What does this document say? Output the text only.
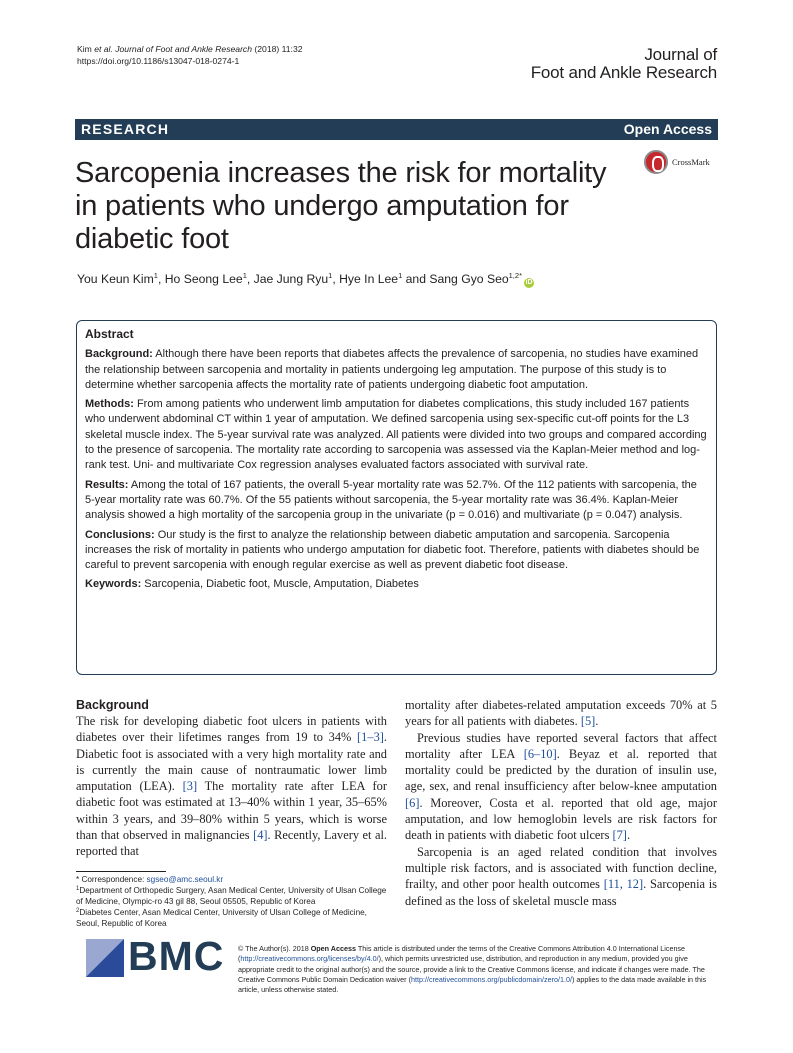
Kim et al. Journal of Foot and Ankle Research (2018) 11:32
https://doi.org/10.1186/s13047-018-0274-1	Journal of
Foot and Ankle Research
RESEARCH	Open Access
Sarcopenia increases the risk for mortality in patients who undergo amputation for diabetic foot
CrossMark
You Keun Kim$^1$, Ho Seong Lee$^1$, Jae Jung Ryu$^1$, Hye In Lee$^1$ and Sang Gyo Seo$^{1,2*}$iD
Abstract

Background: Although there have been reports that diabetes affects the prevalence of sarcopenia, no studies have examined the relationship between sarcopenia and mortality in patients undergoing leg amputation. The purpose of this study is to determine whether sarcopenia affects the mortality rate of patients undergoing diabetic foot amputation.

Methods: From among patients who underwent limb amputation for diabetes complications, this study included 167 patients who underwent abdominal CT within 1 year of amputation. We defined sarcopenia using sex-specific cut-off points for the L3 skeletal muscle index. The 5-year survival rate was analyzed. All patients were divided into two groups and compared according to the presence of sarcopenia. The mortality rate according to sarcopenia was assessed via the Kaplan-Meier method and log-rank test. Uni- and multivariate Cox regression analyses evaluated factors associated with survival rate.

Results: Among the total of 167 patients, the overall 5-year mortality rate was 52.7%. Of the 112 patients with sarcopenia, the 5-year mortality rate was 60.7%. Of the 55 patients without sarcopenia, the 5-year mortality rate was 36.4%. Kaplan-Meier analysis showed a high mortality of the sarcopenia group in the univariate (p = 0.016) and multivariate (p = 0.047) analysis.

Conclusions: Our study is the first to analyze the relationship between diabetic amputation and sarcopenia. Sarcopenia increases the risk of mortality in patients who undergo amputation for diabetic foot. Therefore, patients with diabetes should be careful to prevent sarcopenia with enough regular exercise as well as prevent diabetic foot disease.

Keywords: Sarcopenia, Diabetic foot, Muscle, Amputation, Diabetes

Background

The risk for developing diabetic foot ulcers in patients with diabetes over their lifetimes ranges from 19 to 34% [1–3]. Diabetic foot is associated with a very high mortality rate and is currently the main cause of nontraumatic lower limb amputation (LEA). [3] The mortality rate after LEA for diabetic foot was estimated at 13–40% within 1 year, 35–65% within 3 years, and 39–80% within 5 years, which is worse than that observed in malignancies [4]. Recently, Lavery et al. reported that

mortality after diabetes-related amputation exceeds 70% at 5 years for all patients with diabetes. [5].

Previous studies have reported several factors that affect mortality after LEA [6–10]. Beyaz et al. reported that mortality could be predicted by the duration of insulin use, age, sex, and renal insufficiency after below-knee amputation [6]. Moreover, Costa et al. reported that old age, major amputation, and low hemoglobin levels are risk factors for death in patients with diabetic foot ulcers [7].

Sarcopenia is an aged related condition that involves multiple risk factors, and is associated with function decline, frailty, and other poor health outcomes [11, 12]. Sarcopenia is defined as the loss of skeletal muscle mass

* Correspondence: sgseo@amc.seoul.kr
$^1$Department of Orthopedic Surgery, Asan Medical Center, University of Ulsan College of Medicine, Olympic-ro 43 gil 88, Seoul 05505, Republic of Korea
$^2$Diabetes Center, Asan Medical Center, University of Ulsan College of Medicine, Seoul, Republic of Korea
BMC © The Author(s). 2018 Open Access This article is distributed under the terms of the Creative Commons Attribution 4.0 International License (http://creativecommons.org/licenses/by/4.0/), which permits unrestricted use, distribution, and reproduction in any medium, provided you give appropriate credit to the original author(s) and the source, provide a link to the Creative Commons license, and indicate if changes were made. The Creative Commons Public Domain Dedication waiver (http://creativecommons.org/publicdomain/zero/1.0/) applies to the data made available in this article, unless otherwise stated.
